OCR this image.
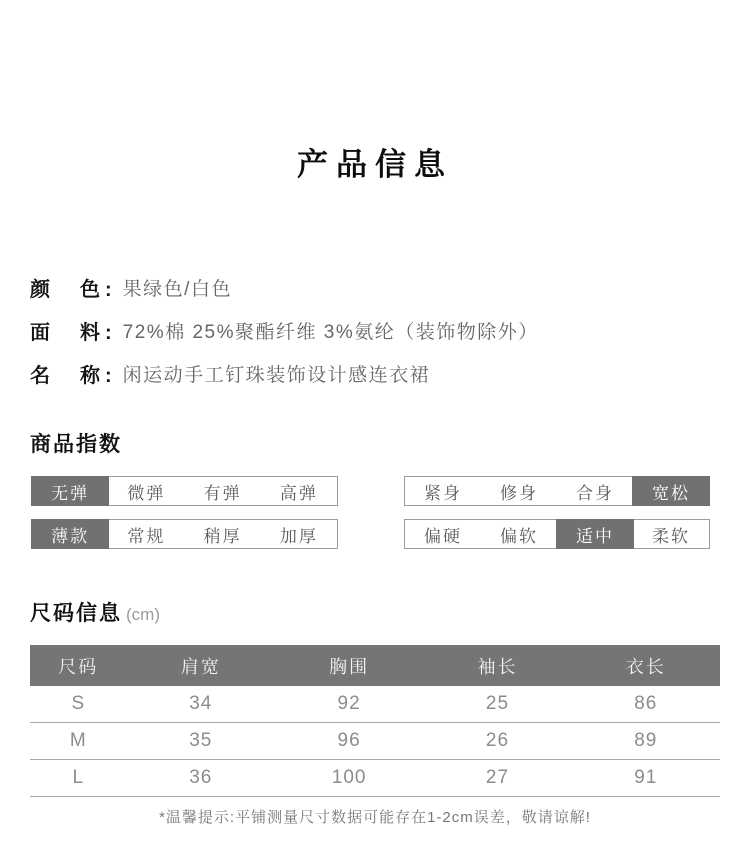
产品信息
颜　色: 果绿色/白色
面　料: 72%棉 25%聚酯纤维 3%氨纶（装饰物除外）
名　称: 闲运动手工钉珠装饰设计感连衣裙
商品指数
无弹	微弹	有弹	高弹	紧身	修身	合身	宽松
薄款	常规	稍厚	加厚	偏硬	偏软	适中	柔软
尺码信息 (cm)
尺码	肩宽	胸围	袖长	衣长
S	34	92	25	86
M	35	96	26	89
L	36	100	27	91
*温馨提示:平铺测量尺寸数据可能存在1-2cm误差，敬请谅解!
